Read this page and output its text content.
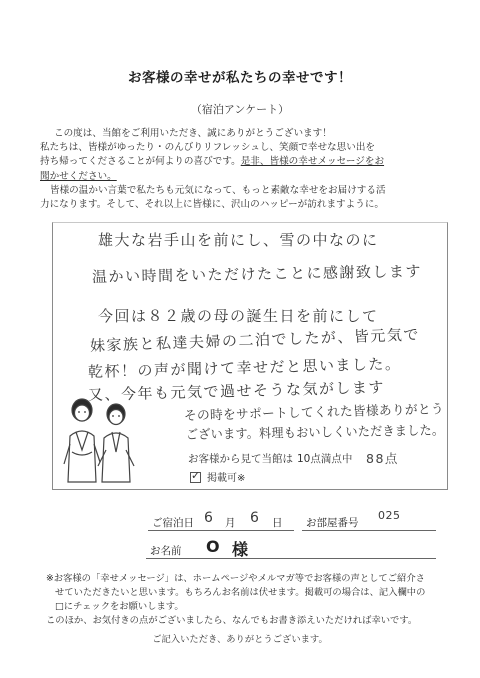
お客様の幸せが私たちの幸せです！
（宿泊アンケート）

この度は、当館をご利用いただき、誠にありがとうございます！

私たちは、皆様がゆったり・のんびりリフレッシュし、笑顔で幸せな思い出を

持ち帰ってくださることが何よりの喜びです。是非、皆様の幸せメッセージをお

聞かせください。

皆様の温かい言葉で私たちも元気になって、もっと素敵な幸せをお届けする活

力になります。そして、それ以上に皆様に、沢山のハッピーが訪れますように。

雄大な岩手山を前にし、雪の中なのに
温かい時間をいただけたことに感謝致します
今回は８２歳の母の誕生日を前にして
妹家族と私達夫婦の二泊でしたが、皆元気で
乾杯！の声が聞けて幸せだと思いました。
又、今年も元気で過せそうな気がします
その時をサポートしてくれた皆様ありがとう
ございます。料理もおいしくいただきました。
お客様から見て当館は 10点満点中 88点
✓掲載可※
ご宿泊日 6 月 6 日 お部屋番号
025
お名前 O 様

※お客様の「幸せメッセージ」は、ホームページやメルマガ等でお客様の声としてご紹介さ

せていただきたいと思います。もちろんお名前は伏せます。掲載可の場合は、記入欄中の

□にチェックをお願いします。

このほか、お気付きの点がございましたら、なんでもお書き添えいただければ幸いです。

ご記入いただき、ありがとうございます。
